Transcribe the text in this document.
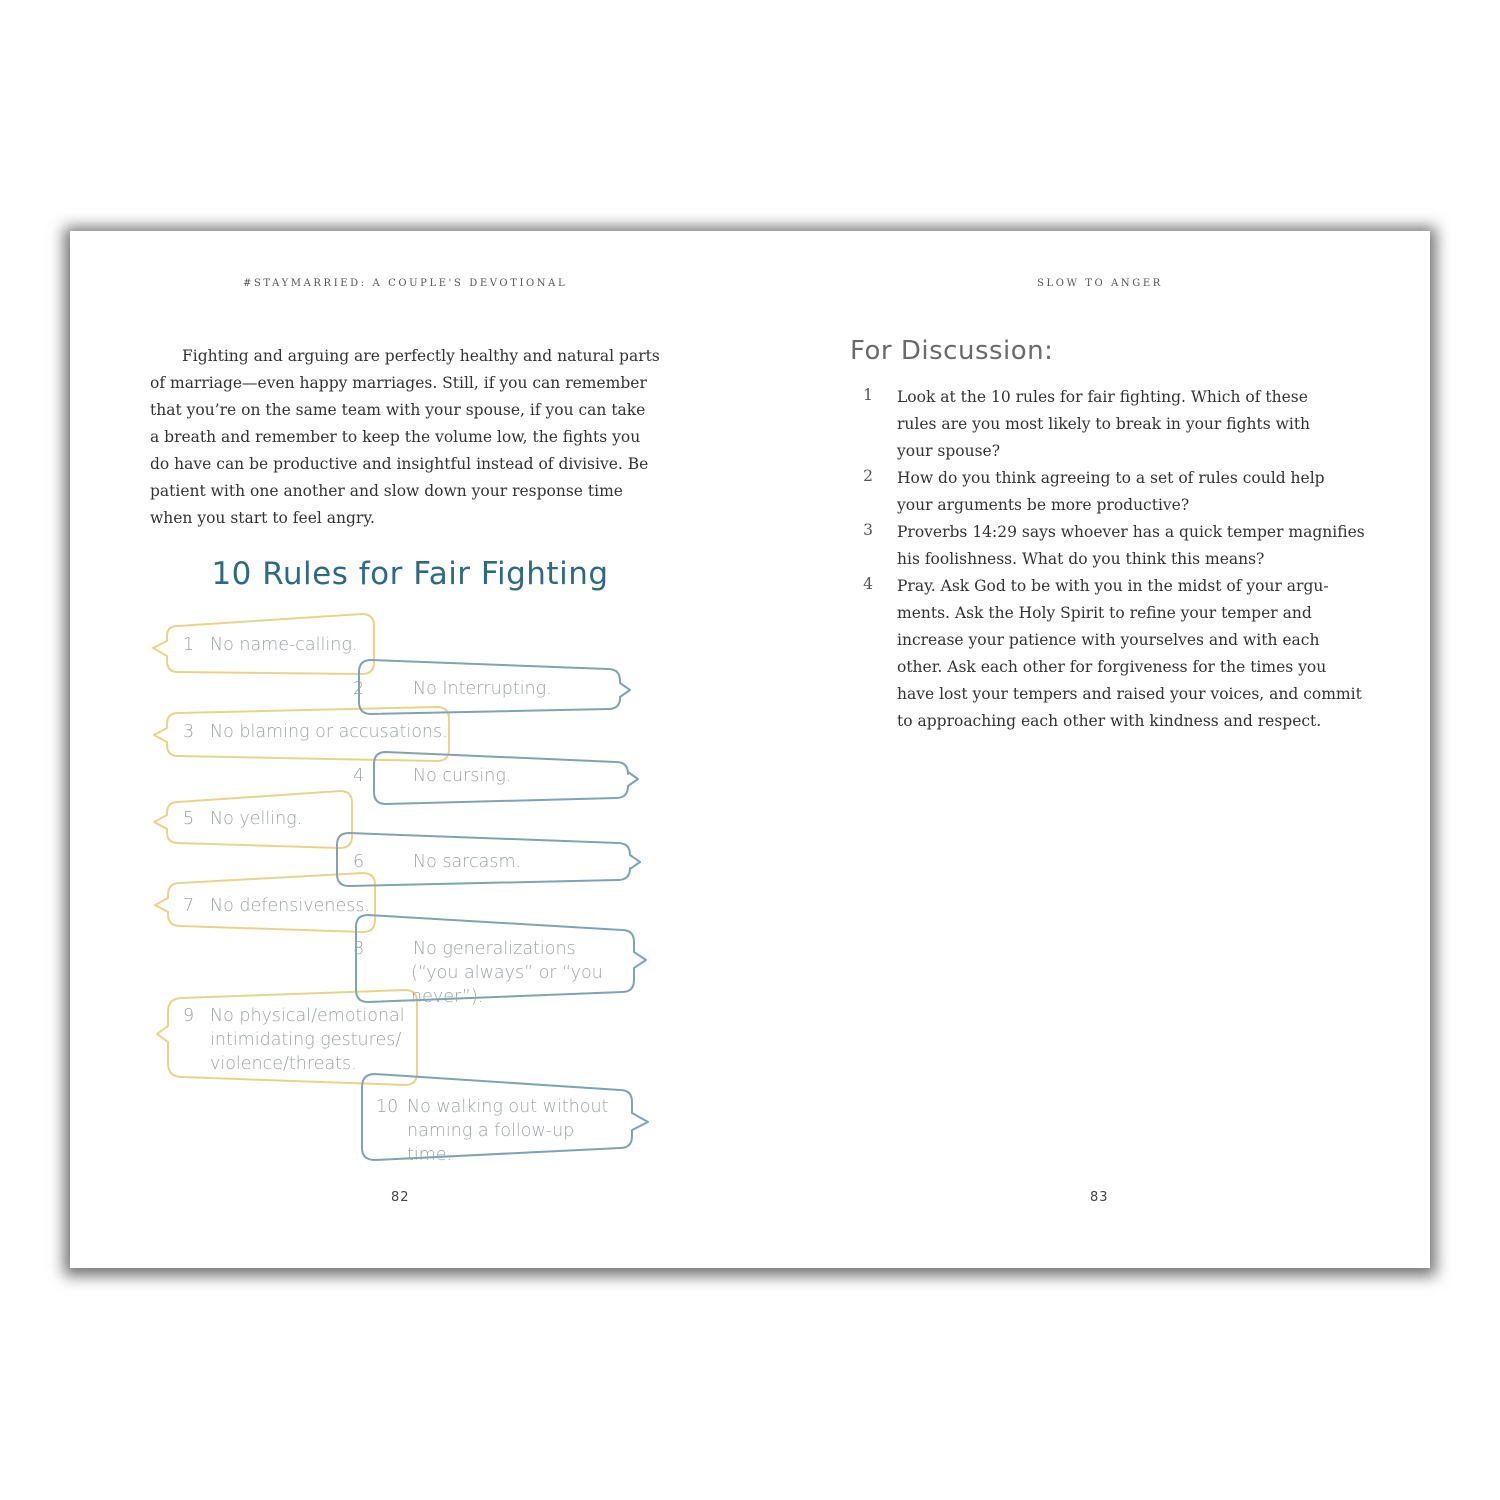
#STAYMARRIED: A COUPLE'S DEVOTIONAL	SLOW TO ANGER

Fighting and arguing are perfectly healthy and natural parts
of marriage—even happy marriages. Still, if you can remember
that you’re on the same team with your spouse, if you can take
a breath and remember to keep the volume low, the fights you
do have can be productive and insightful instead of divisive. Be
patient with one another and slow down your response time
when you start to feel angry.

10 Rules for Fair Fighting
1
2
3
4
5
6
7
8
9
10
No name-calling.
No Interrupting.
No blaming or accusations.
No cursing.
No yelling.
No sarcasm.
No defensiveness.
No generalizations (“you always” or “you never”).
No physical/emotional intimidating gestures/ violence/threats.
No walking out without naming a follow-up time.
82
For Discussion:
1	Look at the 10 rules for fair fighting. Which of these
rules are you most likely to break in your fights with
your spouse?
2	How do you think agreeing to a set of rules could help
your arguments be more productive?
3	Proverbs 14:29 says whoever has a quick temper magnifies
his foolishness. What do you think this means?
4	Pray. Ask God to be with you in the midst of your argu-
ments. Ask the Holy Spirit to refine your temper and
increase your patience with yourselves and with each
other. Ask each other for forgiveness for the times you
have lost your tempers and raised your voices, and commit
to approaching each other with kindness and respect.
83
